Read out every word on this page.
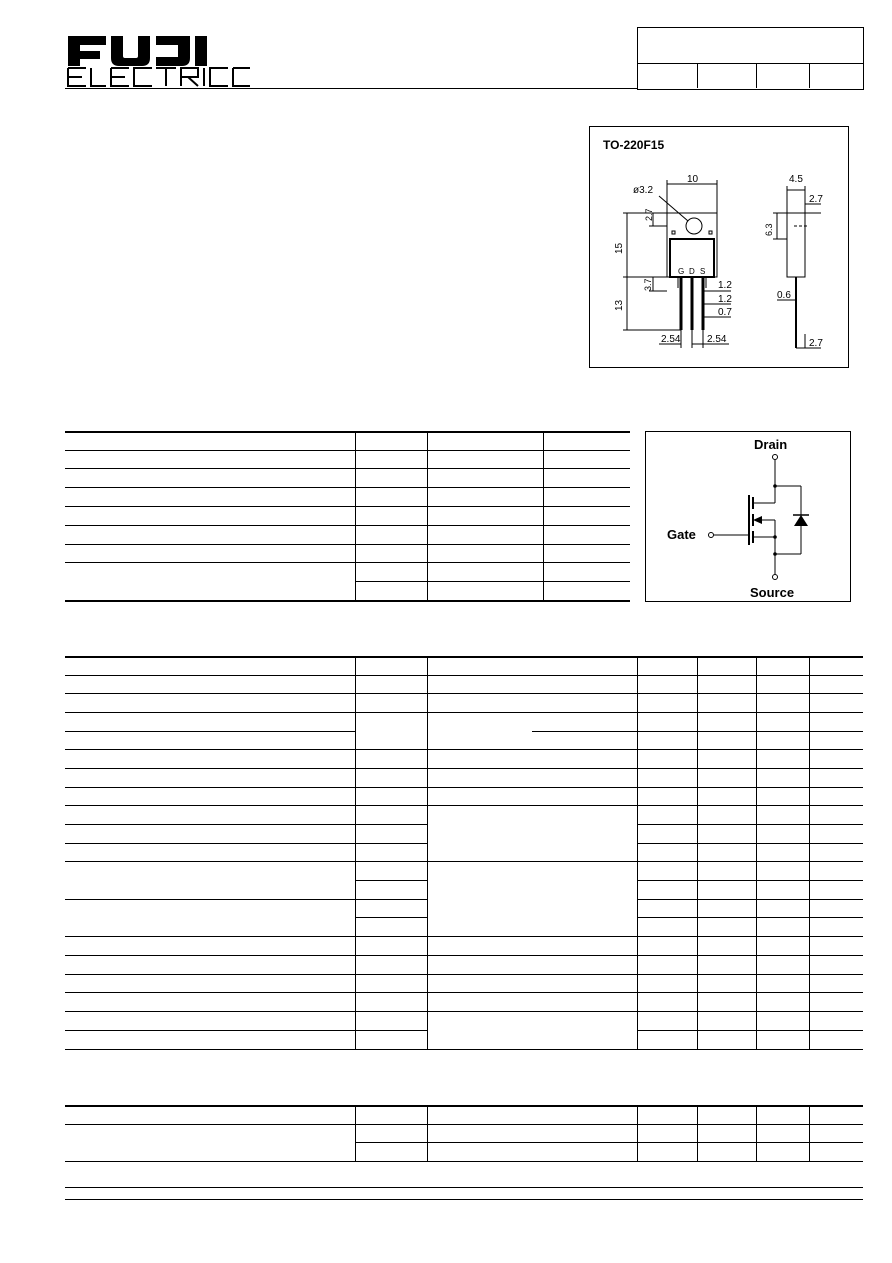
TO-220F15
10
ø3.2
2.7
15
3.7
13
1.2
1.2
0.7
2.54	2.54
G D S
4.5
2.7
6.3
0.6
2.7
Drain
Gate
Source
